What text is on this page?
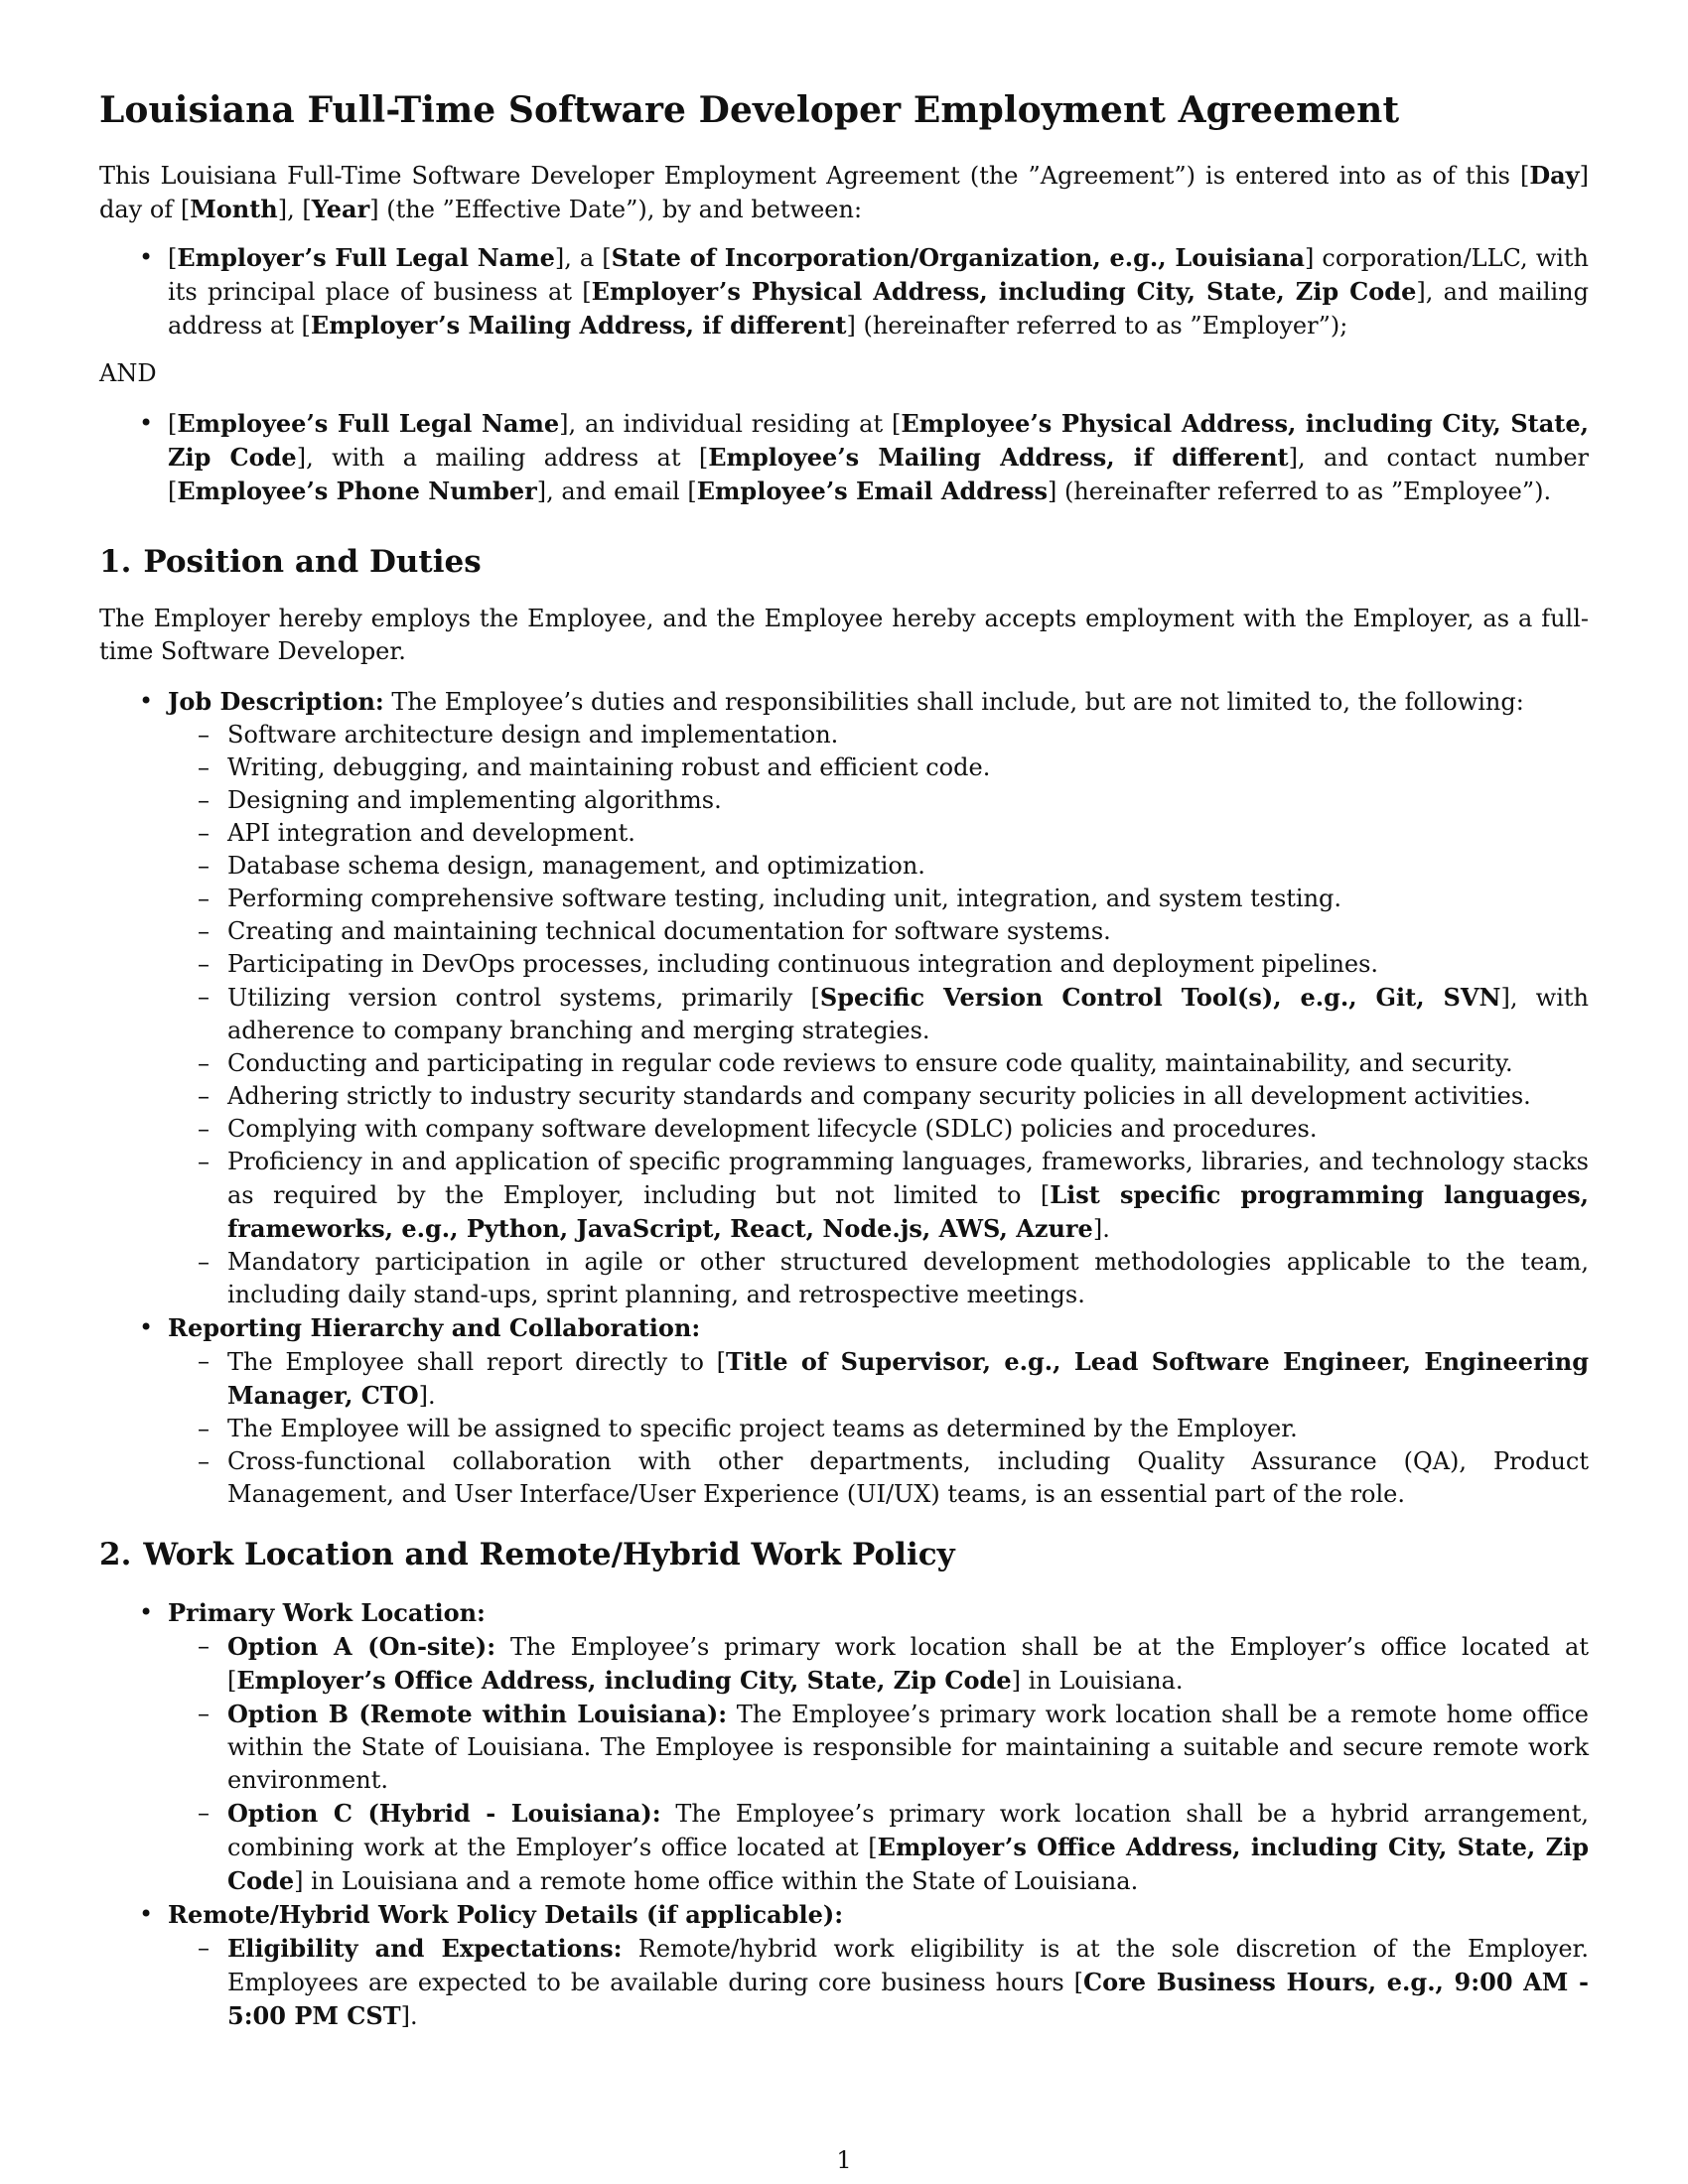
Louisiana Full-Time Software Developer Employment Agreement

This Louisiana Full-Time Software Developer Employment Agreement (the ”Agreement”) is entered into as of this [Day] day of [Month], [Year] (the ”Effective Date”), by and between:

• [Employer’s Full Legal Name], a [State of Incorporation/Organization, e.g., Louisiana] corporation/LLC, with its principal place of business at [Employer’s Physical Address, including City, State, Zip Code], and mailing address at [Employer’s Mailing Address, if different] (hereinafter referred to as ”Employer”);

AND

• [Employee’s Full Legal Name], an individual residing at [Employee’s Physical Address, including City, State, Zip Code], with a mailing address at [Employee’s Mailing Address, if different], and contact number [Employee’s Phone Number], and email [Employee’s Email Address] (hereinafter referred to as ”Employee”).
1. Position and Duties

The Employer hereby employs the Employee, and the Employee hereby accepts employment with the Employer, as a full-time Software Developer.

• Job Description: The Employee’s duties and responsibilities shall include, but are not limited to, the following:
– Software architecture design and implementation.
– Writing, debugging, and maintaining robust and efficient code.
– Designing and implementing algorithms.
– API integration and development.
– Database schema design, management, and optimization.
– Performing comprehensive software testing, including unit, integration, and system testing.
– Creating and maintaining technical documentation for software systems.
– Participating in DevOps processes, including continuous integration and deployment pipelines.
– Utilizing version control systems, primarily [Specific Version Control Tool(s), e.g., Git, SVN], with adherence to company branching and merging strategies.
– Conducting and participating in regular code reviews to ensure code quality, maintainability, and security.
– Adhering strictly to industry security standards and company security policies in all development activities.
– Complying with company software development lifecycle (SDLC) policies and procedures.
– Proficiency in and application of specific programming languages, frameworks, libraries, and technology stacks as required by the Employer, including but not limited to [List specific programming languages, frameworks, e.g., Python, JavaScript, React, Node.js, AWS, Azure].
– Mandatory participation in agile or other structured development methodologies applicable to the team, including daily stand-ups, sprint planning, and retrospective meetings.
• Reporting Hierarchy and Collaboration:
– The Employee shall report directly to [Title of Supervisor, e.g., Lead Software Engineer, Engineering Manager, CTO].
– The Employee will be assigned to specific project teams as determined by the Employer.
– Cross-functional collaboration with other departments, including Quality Assurance (QA), Product Management, and User Interface/User Experience (UI/UX) teams, is an essential part of the role.
2. Work Location and Remote/Hybrid Work Policy
• Primary Work Location:
– Option A (On-site): The Employee’s primary work location shall be at the Employer’s office located at [Employer’s Office Address, including City, State, Zip Code] in Louisiana.
– Option B (Remote within Louisiana): The Employee’s primary work location shall be a remote home office within the State of Louisiana. The Employee is responsible for maintaining a suitable and secure remote work environment.
– Option C (Hybrid - Louisiana): The Employee’s primary work location shall be a hybrid arrangement, combining work at the Employer’s office located at [Employer’s Office Address, including City, State, Zip Code] in Louisiana and a remote home office within the State of Louisiana.
• Remote/Hybrid Work Policy Details (if applicable):
– Eligibility and Expectations: Remote/hybrid work eligibility is at the sole discretion of the Employer. Employees are expected to be available during core business hours [Core Business Hours, e.g., 9:00 AM - 5:00 PM CST].
1
